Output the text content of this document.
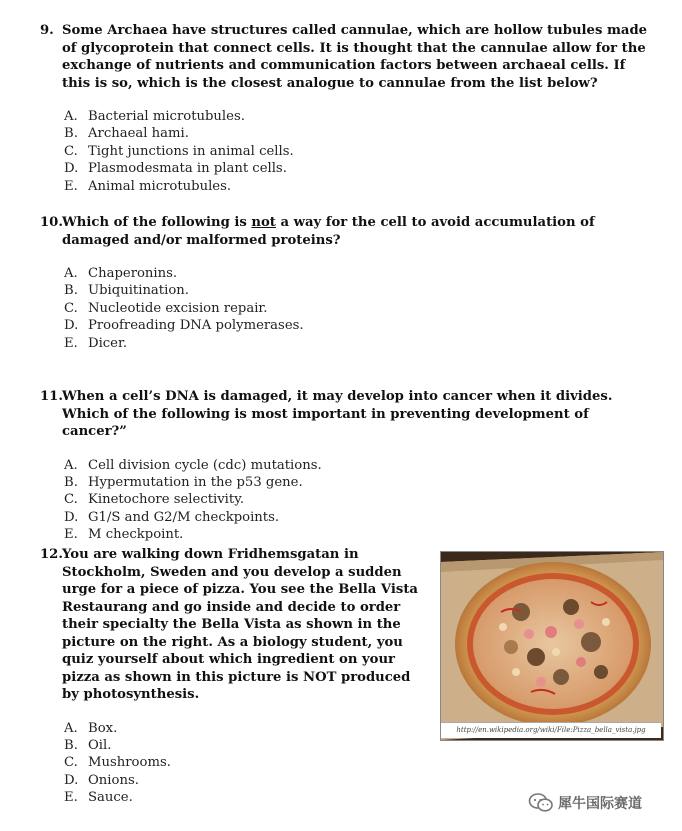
9. Some Archaea have structures called cannulae, which are hollow tubules made of glycoprotein that connect cells. It is thought that the cannulae allow for the exchange of nutrients and communication factors between archaeal cells. If this is so, which is the closest analogue to cannulae from the list below?

A. Bacterial microtubules.
B. Archaeal hami.
C. Tight junctions in animal cells.
D. Plasmodesmata in plant cells.
E. Animal microtubules.

10.Which of the following is not a way for the cell to avoid accumulation of damaged and/or malformed proteins?

A. Chaperonins.
B. Ubiquitination.
C. Nucleotide excision repair.
D. Proofreading DNA polymerases.
E. Dicer.

11.When a cell’s DNA is damaged, it may develop into cancer when it divides. Which of the following is most important in preventing development of cancer?”

A. Cell division cycle (cdc) mutations.
B. Hypermutation in the p53 gene.
C. Kinetochore selectivity.
D. G1/S and G2/M checkpoints.
E. M checkpoint.

12.You are walking down Fridhemsgatan in Stockholm, Sweden and you develop a sudden urge for a piece of pizza. You see the Bella Vista Restaurang and go inside and decide to order their specialty the Bella Vista as shown in the picture on the right. As a biology student, you quiz yourself about which ingredient on your pizza as shown in this picture is NOT produced by photosynthesis.

A. Box.
B. Oil.
C. Mushrooms.
D. Onions.
E. Sauce.
http://en.wikipedia.org/wiki/File:Pizza_bella_vista.jpg
犀牛国际赛道
